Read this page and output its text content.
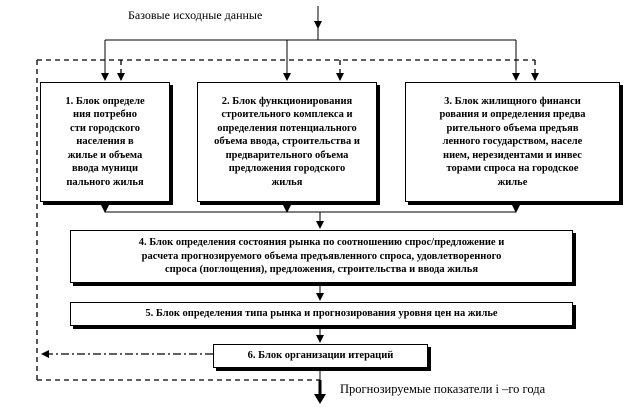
Базовые исходные данные
1. Блок определе
ния потребно
сти городского
населения в
жилье и объема
ввода муници
пального жилья
2. Блок функционирования
строительного комплекса и
определения потенциального
объема ввода, строительства и
предварительного объема
предложения городского
жилья
3. Блок жилищного финанси
рования и определения предва
рительного объема предъяв
ленного государством, населе
нием, нерезидентами и инвес
торами спроса на городское
жилье
4. Блок определения состояния рынка по соотношению спрос/предложение и
расчета прогнозируемого объема предъявленного спроса, удовлетворенного
спроса (поглощения), предложения, строительства и ввода жилья
5. Блок определения типа рынка и прогнозирования уровня цен на жилье
6. Блок организации итераций
Прогнозируемые показатели i –го года
